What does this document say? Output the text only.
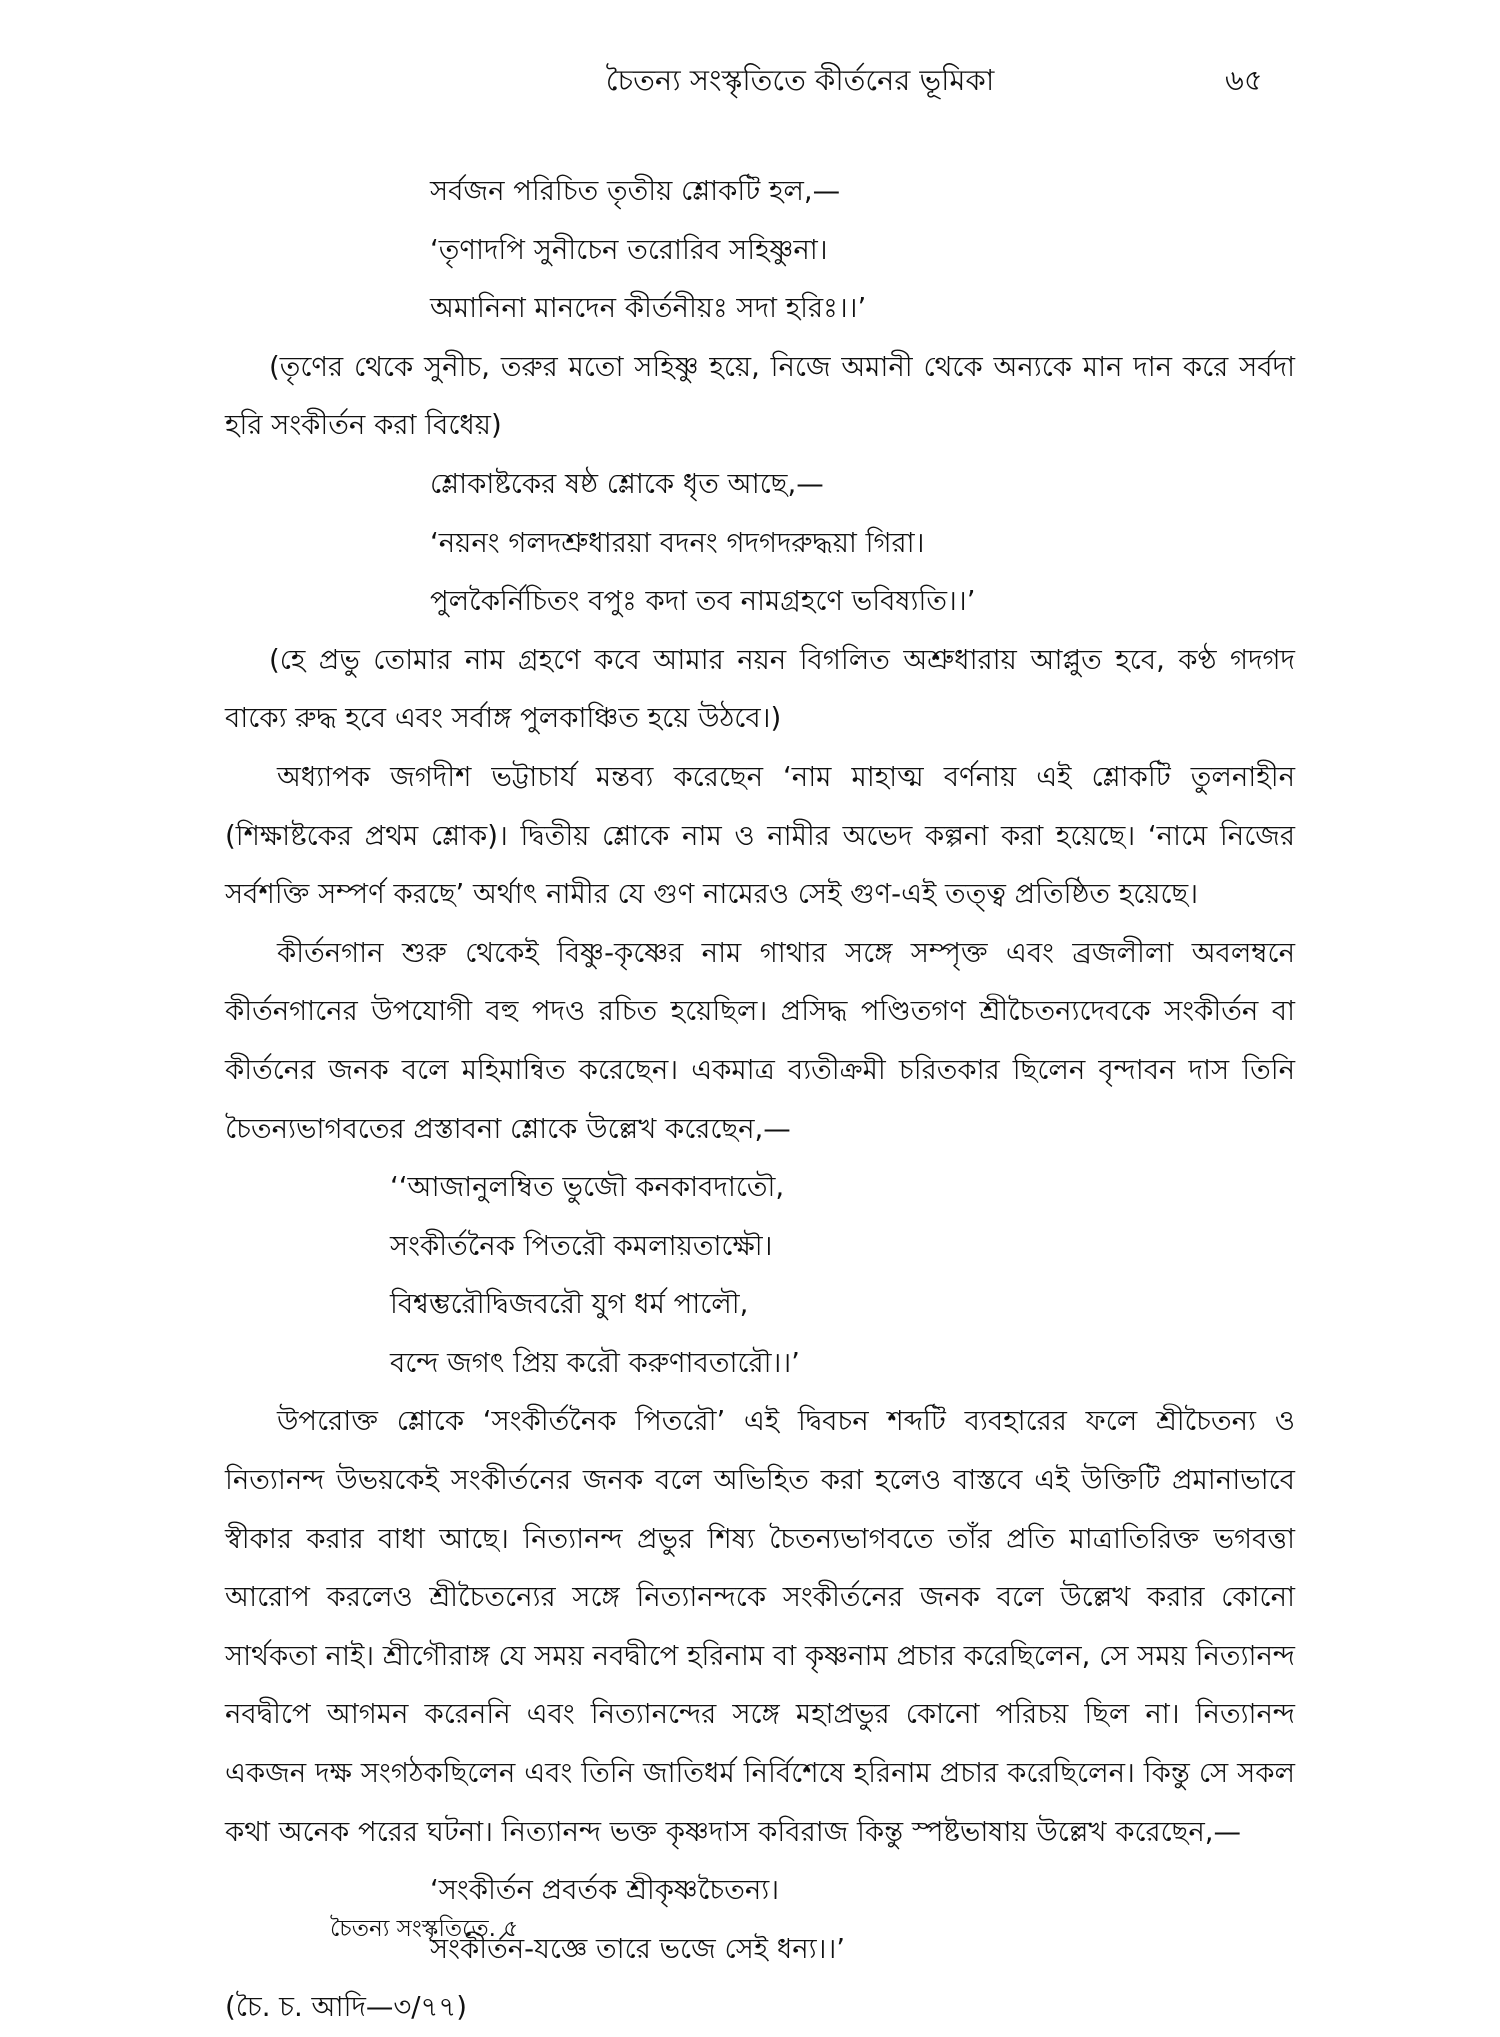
চৈতন্য সংস্কৃতিতে কীর্তনের ভূমিকা	৬৫

সর্বজন পরিচিত তৃতীয় শ্লোকটি হল,—

‘তৃণাদপি সুনীচেন তরোরিব সহিষ্ণুনা।

অমানিনা মানদেন কীর্তনীয়ঃ সদা হরিঃ।।’

(তৃণের থেকে সুনীচ, তরুর মতো সহিষ্ণু হয়ে, নিজে অমানী থেকে অন্যকে মান দান করে সর্বদা হরি সংকীর্তন করা বিধেয়)

শ্লোকাষ্টকের ষষ্ঠ শ্লোকে ধৃত আছে,—

‘নয়নং গলদশ্রুধারয়া বদনং গদগদরুদ্ধয়া গিরা।

পুলকৈর্নিচিতং বপুঃ কদা তব নামগ্রহণে ভবিষ্যতি।।’

(হে প্রভু তোমার নাম গ্রহণে কবে আমার নয়ন বিগলিত অশ্রুধারায় আপ্লুত হবে, কণ্ঠ গদগদ বাক্যে রুদ্ধ হবে এবং সর্বাঙ্গ পুলকাঞ্চিত হয়ে উঠবে।)

অধ্যাপক জগদীশ ভট্টাচার্য মন্তব্য করেছেন ‘নাম মাহাত্ম বর্ণনায় এই শ্লোকটি তুলনাহীন (শিক্ষাষ্টকের প্রথম শ্লোক)। দ্বিতীয় শ্লোকে নাম ও নামীর অভেদ কল্পনা করা হয়েছে। ‘নামে নিজের সর্বশক্তি সম্পর্ণ করছে’ অর্থাৎ নামীর যে গুণ নামেরও সেই গুণ-এই তত্ত্ব প্রতিষ্ঠিত হয়েছে।

কীর্তনগান শুরু থেকেই বিষ্ণু-কৃষ্ণের নাম গাথার সঙ্গে সম্পৃক্ত এবং ব্রজলীলা অবলম্বনে কীর্তনগানের উপযোগী বহু পদও রচিত হয়েছিল। প্রসিদ্ধ পণ্ডিতগণ শ্রীচৈতন্যদেবকে সংকীর্তন বা কীর্তনের জনক বলে মহিমান্বিত করেছেন। একমাত্র ব্যতীক্রমী চরিতকার ছিলেন বৃন্দাবন দাস তিনি চৈতন্যভাগবতের প্রস্তাবনা শ্লোকে উল্লেখ করেছেন,—

‘‘আজানুলম্বিত ভুজৌ কনকাবদাতৌ,

সংকীর্তনৈক পিতরৌ কমলায়তাক্ষৌ।

বিশ্বম্ভরৌদ্বিজবরৌ যুগ ধর্ম পালৌ,

বন্দে জগৎ প্রিয় করৌ করুণাবতারৌ।।’

উপরোক্ত শ্লোকে ‘সংকীর্তনৈক পিতরৌ’ এই দ্বিবচন শব্দটি ব্যবহারের ফলে শ্রীচৈতন্য ও নিত্যানন্দ উভয়কেই সংকীর্তনের জনক বলে অভিহিত করা হলেও বাস্তবে এই উক্তিটি প্রমানাভাবে স্বীকার করার বাধা আছে। নিত্যানন্দ প্রভুর শিষ্য চৈতন্যভাগবতে তাঁর প্রতি মাত্রাতিরিক্ত ভগবত্তা আরোপ করলেও শ্রীচৈতন্যের সঙ্গে নিত্যানন্দকে সংকীর্তনের জনক বলে উল্লেখ করার কোনো সার্থকতা নাই। শ্রীগৌরাঙ্গ যে সময় নবদ্বীপে হরিনাম বা কৃষ্ণনাম প্রচার করেছিলেন, সে সময় নিত্যানন্দ নবদ্বীপে আগমন করেননি এবং নিত্যানন্দের সঙ্গে মহাপ্রভুর কোনো পরিচয় ছিল না। নিত্যানন্দ একজন দক্ষ সংগঠকছিলেন এবং তিনি জাতিধর্ম নির্বিশেষে হরিনাম প্রচার করেছিলেন। কিন্তু সে সকল কথা অনেক পরের ঘটনা। নিত্যানন্দ ভক্ত কৃষ্ণদাস কবিরাজ কিন্তু স্পষ্টভাষায় উল্লেখ করেছেন,—

‘সংকীর্তন প্রবর্তক শ্রীকৃষ্ণচৈতন্য।

সংকীর্তন-যজ্ঞে তারে ভজে সেই ধন্য।।’

(চৈ. চ. আদি—৩/৭৭)

চৈতন্য সংস্কৃতিতে. ৫
